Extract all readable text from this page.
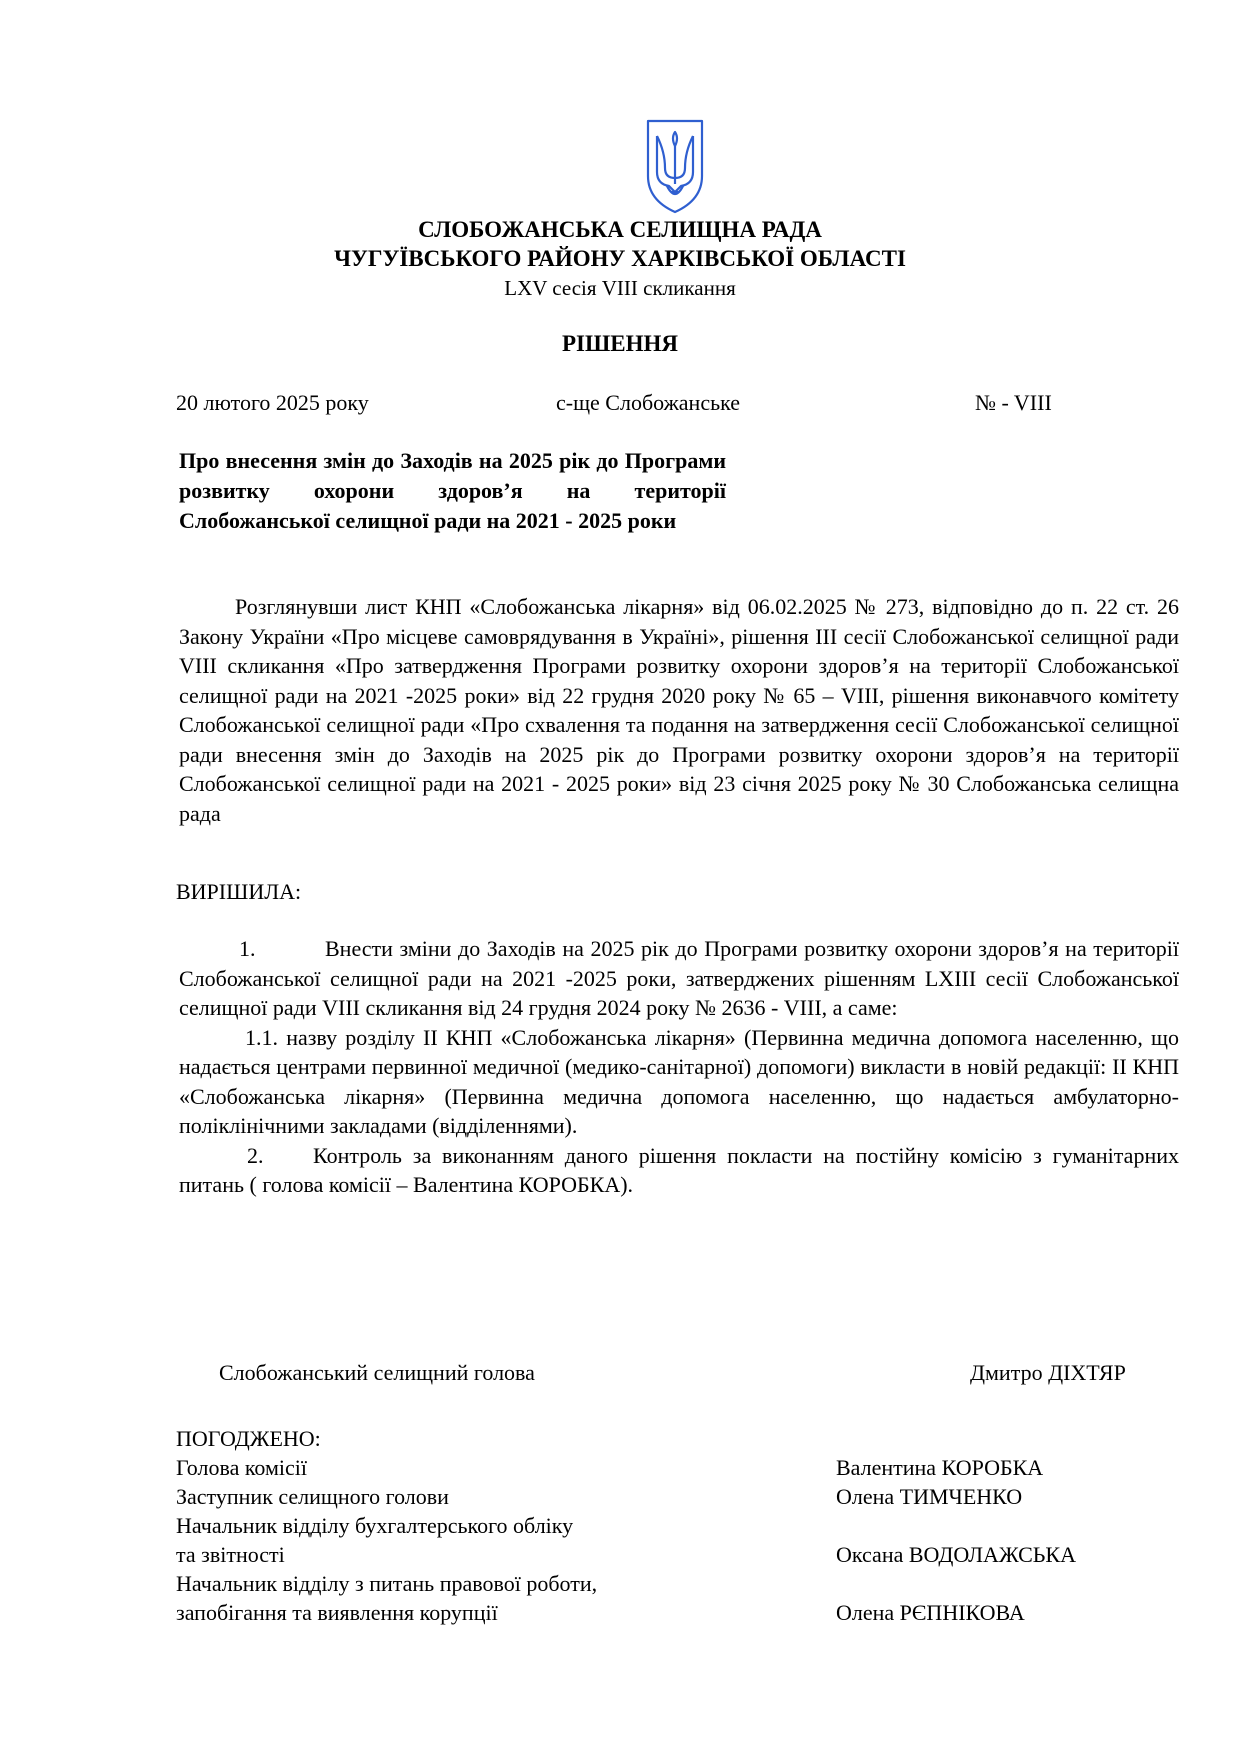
СЛОБОЖАНСЬКА СЕЛИЩНА РАДА
ЧУГУЇВСЬКОГО РАЙОНУ ХАРКІВСЬКОЇ ОБЛАСТІ
LXV сесія VIII скликання
РІШЕННЯ
20 лютого 2025 року	с-ще Слобожанське	№ - VIII
Про внесення змін до Заходів на 2025 рік до Програми розвитку охорони здоров’я на території Слобожанської селищної ради на 2021 - 2025 роки

Розглянувши лист КНП «Слобожанська лікарня» від 06.02.2025 № 273, відповідно до п. 22 ст. 26 Закону України «Про місцеве самоврядування в Україні», рішення III сесії Слобожанської селищної ради VIII скликання «Про затвердження Програми розвитку охорони здоров’я на території Слобожанської селищної ради на 2021 -2025 роки» від 22 грудня 2020 року № 65 – VIII, рішення виконавчого комітету Слобожанської селищної ради «Про схвалення та подання на затвердження сесії Слобожанської селищної ради внесення змін до Заходів на 2025 рік до Програми розвитку охорони здоров’я на території Слобожанської селищної ради на 2021 - 2025 роки» від 23 січня 2025 року № 30 Слобожанська селищна рада

ВИРІШИЛА:

1.	Внести зміни до Заходів на 2025 рік до Програми розвитку охорони здоров’я на території Слобожанської селищної ради на 2021 -2025 роки, затверджених рішенням LXIII сесії Слобожанської селищної ради VIII скликання від 24 грудня 2024 року № 2636 - VIII, а саме:

1.1. назву розділу ІІ КНП «Слобожанська лікарня» (Первинна медична допомога населенню, що надається центрами первинної медичної (медико-санітарної) допомоги) викласти в новій редакції: ІІ КНП «Слобожанська лікарня» (Первинна медична допомога населенню, що надається амбулаторно-поліклінічними закладами (відділеннями).

2. Контроль за виконанням даного рішення покласти на постійну комісію з гуманітарних питань ( голова комісії – Валентина КОРОБКА).

Слобожанський селищний голова	Дмитро ДІХТЯР
ПОГОДЖЕНО:
Голова комісії	Валентина КОРОБКА
Заступник селищного голови	Олена ТИМЧЕНКО
Начальник відділу бухгалтерського обліку
та звітності	Оксана ВОДОЛАЖСЬКА
Начальник відділу з питань правової роботи,
запобігання та виявлення корупції	Олена РЄПНІКОВА
